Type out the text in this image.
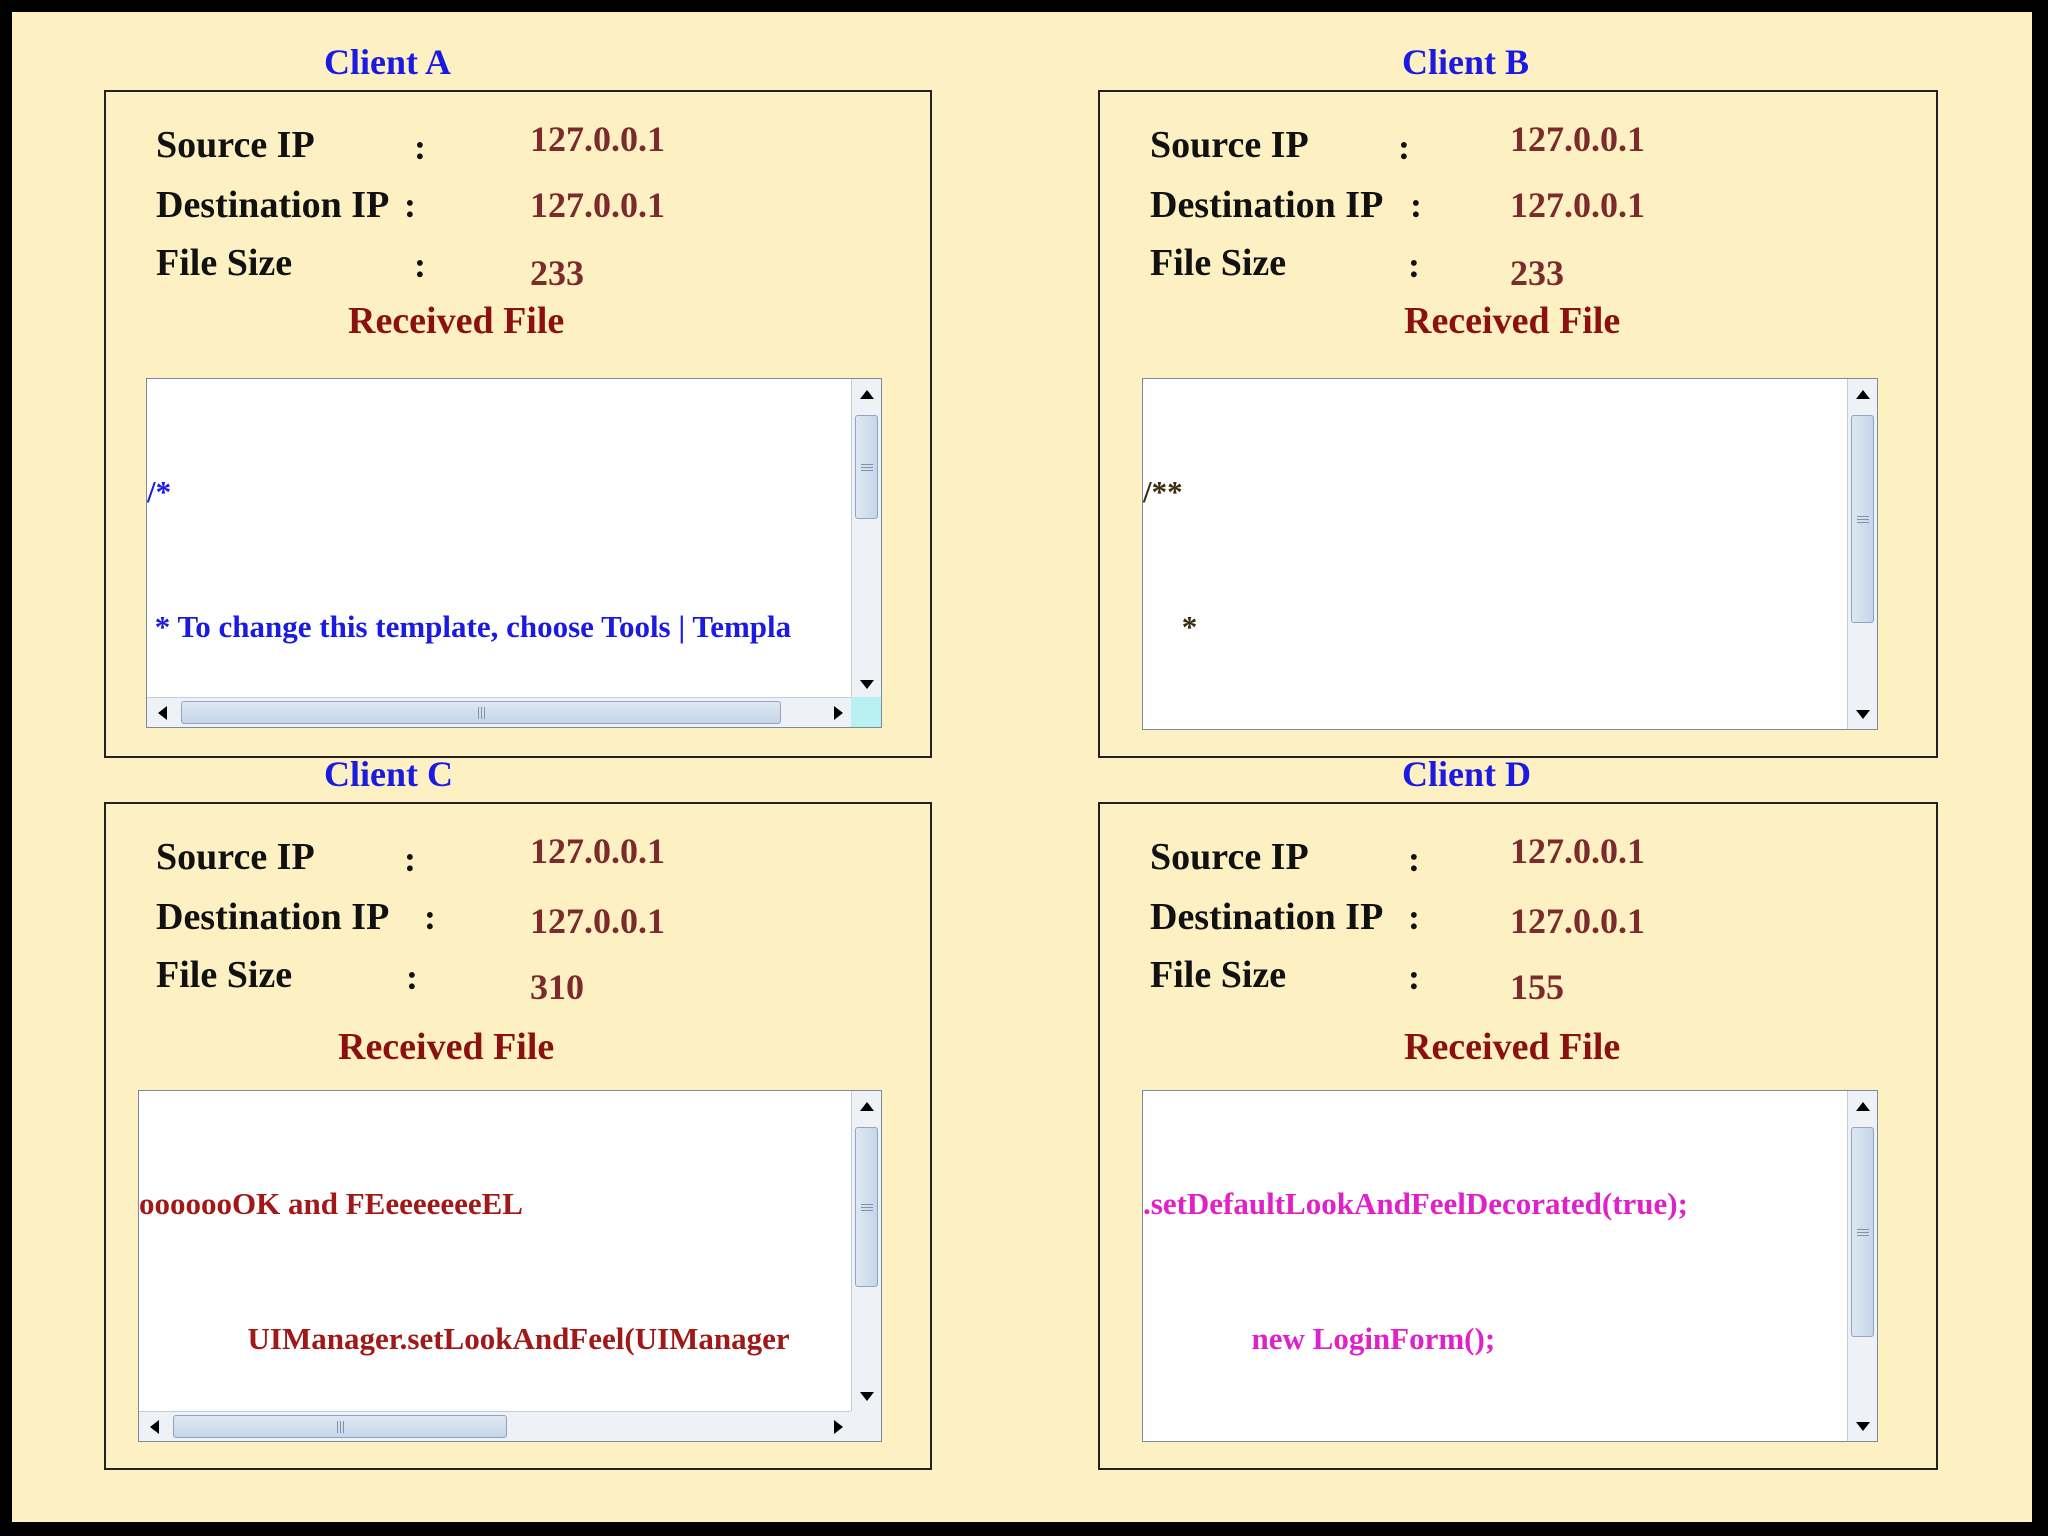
Client A
Source IP	:	127.0.0.1
Destination IP :	127.0.0.1
File Size	:	233
Received File

/*

* To change this template, choose Tools | Templa

Client B
Source IP :	127.0.0.1
Destination IP : 127.0.0.1
File Size	:	233
Received File

/**

*

Client C
Source IP :	127.0.0.1
Destination IP :	127.0.0.1
File Size	:	310
Received File

ooooooOK and FEeeeeeeeEL

UIManager.setLookAndFeel(UIManager

Client D
Source IP	:	127.0.0.1
Destination IP :	127.0.0.1
File Size	:	155
Received File

.setDefaultLookAndFeelDecorated(true);

new LoginForm();
